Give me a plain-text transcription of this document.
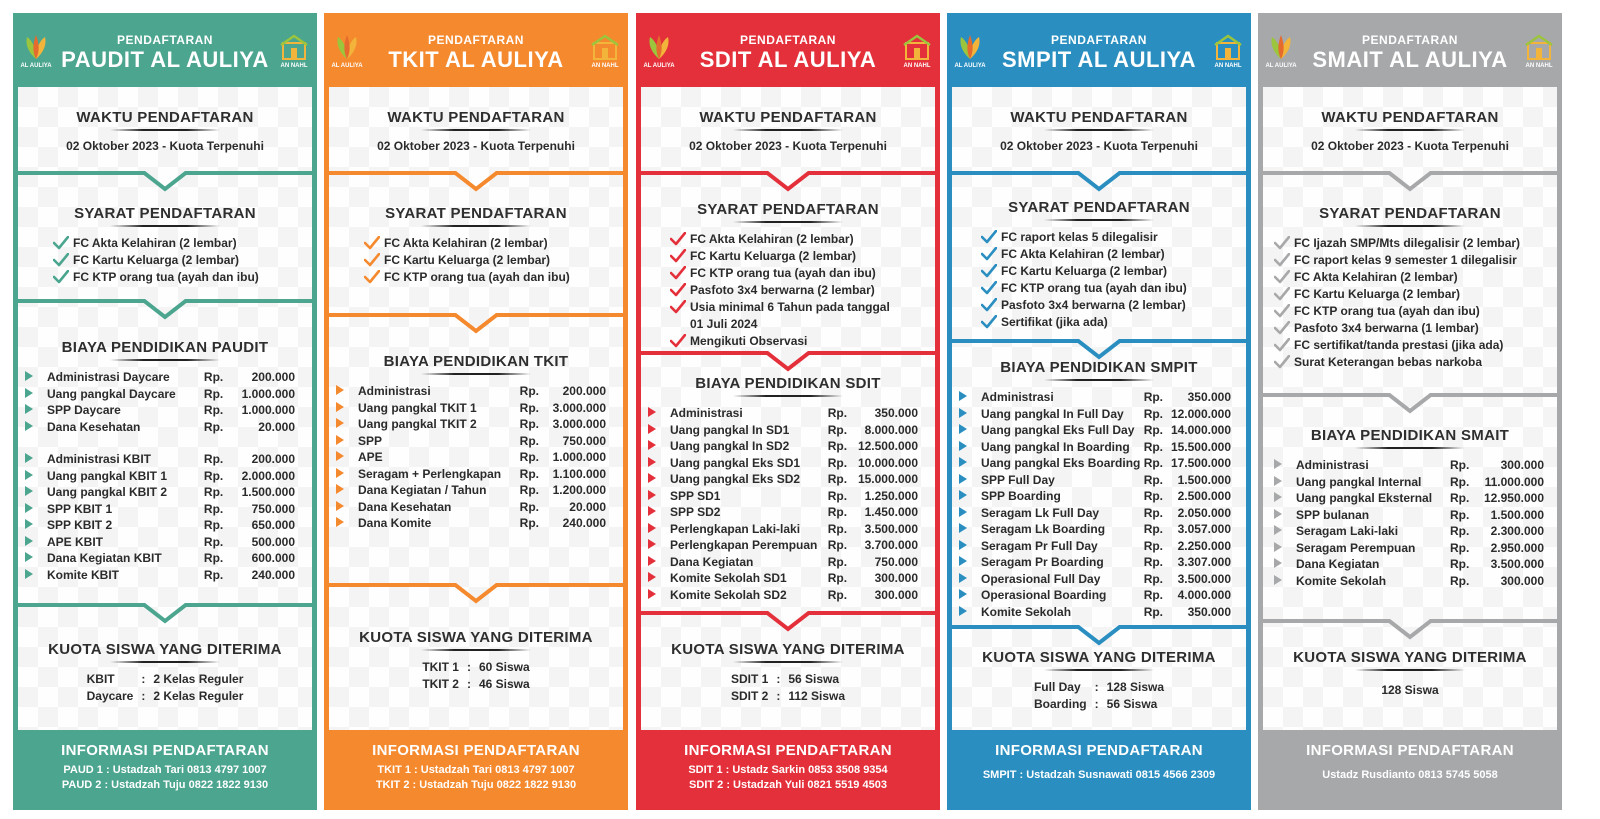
PENDAFTARAN
PAUDIT AL AULIYA
AL AULIYA	AN NAHL
WAKTU PENDAFTARAN
02 Oktober 2023 - Kuota Terpenuhi
SYARAT PENDAFTARAN
FC Akta Kelahiran (2 lembar)
FC Kartu Keluarga (2 lembar)
FC KTP orang tua (ayah dan ibu)
BIAYA PENDIDIKAN PAUDIT
	Administrasi Daycare	Rp.	200.000
	Uang pangkal Daycare	Rp.	1.000.000
	SPP Daycare	Rp.	1.000.000
	Dana Kesehatan	Rp.	20.000

	Administrasi KBIT	Rp.	200.000
	Uang pangkal KBIT 1	Rp.	2.000.000
	Uang pangkal KBIT 2	Rp.	1.500.000
	SPP KBIT 1	Rp.	750.000
	SPP KBIT 2	Rp.	650.000
	APE KBIT	Rp.	500.000
	Dana Kegiatan KBIT	Rp.	600.000
	Komite KBIT	Rp.	240.000
KUOTA SISWA YANG DITERIMA
KBIT	:	2 Kelas Reguler
Daycare	:	2 Kelas Reguler
INFORMASI PENDAFTARAN
PAUD 1 : Ustadzah Tari 0813 4797 1007
PAUD 2 : Ustadzah Tuju 0822 1822 9130
PENDAFTARAN
TKIT AL AULIYA
AL AULIYA	AN NAHL
WAKTU PENDAFTARAN
02 Oktober 2023 - Kuota Terpenuhi
SYARAT PENDAFTARAN
FC Akta Kelahiran (2 lembar)
FC Kartu Keluarga (2 lembar)
FC KTP orang tua (ayah dan ibu)
BIAYA PENDIDIKAN TKIT
	Administrasi	Rp.	200.000
	Uang pangkal TKIT 1	Rp.	3.000.000
	Uang pangkal TKIT 2	Rp.	3.000.000
	SPP	Rp.	750.000
	APE	Rp.	1.000.000
	Seragam + Perlengkapan	Rp.	1.100.000
	Dana Kegiatan / Tahun	Rp.	1.200.000
	Dana Kesehatan	Rp.	20.000
	Dana Komite	Rp.	240.000
KUOTA SISWA YANG DITERIMA
TKIT 1	:	60 Siswa
TKIT 2	:	46 Siswa
INFORMASI PENDAFTARAN
TKIT 1 : Ustadzah Tari 0813 4797 1007
TKIT 2 : Ustadzah Tuju 0822 1822 9130
PENDAFTARAN
SDIT AL AULIYA
AL AULIYA	AN NAHL
WAKTU PENDAFTARAN
02 Oktober 2023 - Kuota Terpenuhi
SYARAT PENDAFTARAN
FC Akta Kelahiran (2 lembar)
FC Kartu Keluarga (2 lembar)
FC KTP orang tua (ayah dan ibu)
Pasfoto 3x4 berwarna (2 lembar)
Usia minimal 6 Tahun pada tanggal
01 Juli 2024
Mengikuti Observasi
BIAYA PENDIDIKAN SDIT
	Administrasi	Rp.	350.000
	Uang pangkal In SD1	Rp.	8.000.000
	Uang pangkal In SD2	Rp.	12.500.000
	Uang pangkal Eks SD1	Rp.	10.000.000
	Uang pangkal Eks SD2	Rp.	15.000.000
	SPP SD1	Rp.	1.250.000
	SPP SD2	Rp.	1.450.000
	Perlengkapan Laki-laki	Rp.	3.500.000
	Perlengkapan Perempuan	Rp.	3.700.000
	Dana Kegiatan	Rp.	750.000
	Komite Sekolah SD1	Rp.	300.000
	Komite Sekolah SD2	Rp.	300.000
KUOTA SISWA YANG DITERIMA
SDIT 1	:	56 Siswa
SDIT 2	:	112 Siswa
INFORMASI PENDAFTARAN
SDIT 1 : Ustadz Sarkin 0853 3508 9354
SDIT 2 : Ustadzah Yuli 0821 5519 4503
PENDAFTARAN
SMPIT AL AULIYA
AL AULIYA	AN NAHL
WAKTU PENDAFTARAN
02 Oktober 2023 - Kuota Terpenuhi
SYARAT PENDAFTARAN
FC raport kelas 5 dilegalisir
FC Akta Kelahiran (2 lembar)
FC Kartu Keluarga (2 lembar)
FC KTP orang tua (ayah dan ibu)
Pasfoto 3x4 berwarna (2 lembar)
Sertifikat (jika ada)
BIAYA PENDIDIKAN SMPIT
	Administrasi	Rp.	350.000
	Uang pangkal In Full Day	Rp.	12.000.000
	Uang pangkal Eks Full Day	Rp.	14.000.000
	Uang pangkal In Boarding	Rp.	15.500.000
	Uang pangkal Eks Boarding	Rp.	17.500.000
	SPP Full Day	Rp.	1.500.000
	SPP Boarding	Rp.	2.500.000
	Seragam Lk Full Day	Rp.	2.050.000
	Seragam Lk Boarding	Rp.	3.057.000
	Seragam Pr Full Day	Rp.	2.250.000
	Seragam Pr Boarding	Rp.	3.307.000
	Operasional Full Day	Rp.	3.500.000
	Operasional Boarding	Rp.	4.000.000
	Komite Sekolah	Rp.	350.000
KUOTA SISWA YANG DITERIMA
Full Day	:	128 Siswa
Boarding	:	56 Siswa
INFORMASI PENDAFTARAN
SMPIT : Ustadzah Susnawati 0815 4566 2309
PENDAFTARAN
SMAIT AL AULIYA
AL AULIYA	AN NAHL
WAKTU PENDAFTARAN
02 Oktober 2023 - Kuota Terpenuhi
SYARAT PENDAFTARAN
FC Ijazah SMP/Mts dilegalisir (2 lembar)
FC raport kelas 9 semester 1 dilegalisir
FC Akta Kelahiran (2 lembar)
FC Kartu Keluarga (2 lembar)
FC KTP orang tua (ayah dan ibu)
Pasfoto 3x4 berwarna (1 lembar)
FC sertifikat/tanda prestasi (jika ada)
Surat Keterangan bebas narkoba
BIAYA PENDIDIKAN SMAIT
	Administrasi	Rp.	300.000
	Uang pangkal Internal	Rp.	11.000.000
	Uang pangkal Eksternal	Rp.	12.950.000
	SPP bulanan	Rp.	1.500.000
	Seragam Laki-laki	Rp.	2.300.000
	Seragam Perempuan	Rp.	2.950.000
	Dana Kegiatan	Rp.	3.500.000
	Komite Sekolah	Rp.	300.000
KUOTA SISWA YANG DITERIMA
128 Siswa
INFORMASI PENDAFTARAN
Ustadz Rusdianto 0813 5745 5058
